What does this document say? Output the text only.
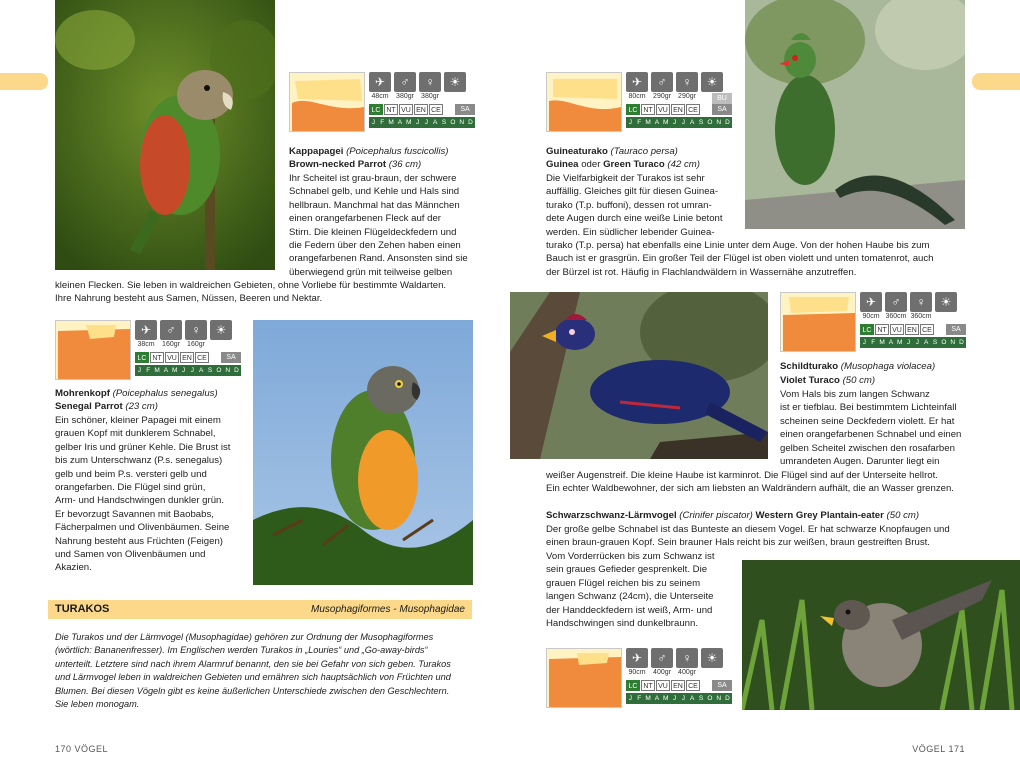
✈	♂	♀	☀
48cm	380gr 380gr
LC NT VU EN CE	SA
J F M A M J J A S O N D
Kappapagei (Poicephalus fuscicollis)
Brown-necked Parrot (36 cm)
Ihr Scheitel ist grau-braun, der schwere
Schnabel gelb, und Kehle und Hals sind
hellbraun. Manchmal hat das Männchen
einen orangefarbenen Fleck auf der
Stirn. Die kleinen Flügeldeckfedern und
die Federn über den Zehen haben einen
orangefarbenen Rand. Ansonsten sind sie
überwiegend grün mit teilweise gelben
kleinen Flecken. Sie leben in waldreichen Gebieten, ohne Vorliebe für bestimmte Waldarten.
Ihre Nahrung besteht aus Samen, Nüssen, Beeren und Nektar.
✈	♂	♀	☀
38cm	160gr 160gr
LC NT VU EN CE	SA
J F M A M J J A S O N D
Mohrenkopf (Poicephalus senegalus)
Senegal Parrot (23 cm)
Ein schöner, kleiner Papagei mit einem
grauen Kopf mit dunklerem Schnabel,
gelber Iris und grüner Kehle. Die Brust ist
bis zum Unterschwanz (P.s. senegalus)
gelb und beim P.s. versteri gelb und
orangefarben. Die Flügel sind grün,
Arm- und Handschwingen dunkler grün.
Er bevorzugt Savannen mit Baobabs,
Fächerpalmen und Olivenbäumen. Seine
Nahrung besteht aus Früchten (Feigen)
und Samen von Olivenbäumen und
Akazien.
TURAKOS	Musophagiformes - Musophagidae
Die Turakos und der Lärmvogel (Musophagidae) gehören zur Ordnung der Musophagiformes
(wörtlich: Bananenfresser). Im Englischen werden Turakos in „Louries“ und „Go-away-birds“
unterteilt. Letztere sind nach ihrem Alarmruf benannt, den sie bei Gefahr von sich geben. Turakos
und Lärmvogel leben in waldreichen Gebieten und ernähren sich hauptsächlich von Früchten und
Blumen. Bei diesen Vögeln gibt es keine äußerlichen Unterschiede zwischen den Geschlechtern.
Sie leben monogam.
170 VÖGEL
✈	♂	♀	☀
80cm	290gr 290gr	BU
LC NT VU EN CE	SA
J F M A M J J A S O N D
Guineaturako (Tauraco persa)
Guinea oder Green Turaco (42 cm)
Die Vielfarbigkeit der Turakos ist sehr
auffällig. Gleiches gilt für diesen Guinea-
turako (T.p. buffoni), dessen rot umran-
dete Augen durch eine weiße Linie betont
werden. Ein südlicher lebender Guinea-
turako (T.p. persa) hat ebenfalls eine Linie unter dem Auge. Von der hohen Haube bis zum
Bauch ist er grasgrün. Ein großer Teil der Flügel ist oben violett und unten tomatenrot, auch
der Bürzel ist rot. Häufig in Flachlandwäldern in Wassernähe anzutreffen.
✈	♂	♀	☀
90cm 360cm 360cm
LC NT VU EN CE	SA
J F M A M J J A S O N D
Schildturako (Musophaga violacea)
Violet Turaco (50 cm)
Vom Hals bis zum langen Schwanz
ist er tiefblau. Bei bestimmtem Lichteinfall
scheinen seine Deckfedern violett. Er hat
einen orangefarbenen Schnabel und einen
gelben Scheitel zwischen den rosafarben
umrandeten Augen. Darunter liegt ein
weißer Augenstreif. Die kleine Haube ist karminrot. Die Flügel sind auf der Unterseite hellrot.
Ein echter Waldbewohner, der sich am liebsten an Waldrändern aufhält, die an Wasser grenzen.
Schwarzschwanz-Lärmvogel (Crinifer piscator) Western Grey Plantain-eater (50 cm)
Der große gelbe Schnabel ist das Bunteste an diesem Vogel. Er hat schwarze Knopfaugen und
einen braun-grauen Kopf. Sein brauner Hals reicht bis zur weißen, braun gestreiften Brust.
Vom Vorderrücken bis zum Schwanz ist
sein graues Gefieder gesprenkelt. Die
grauen Flügel reichen bis zu seinem
langen Schwanz (24cm), die Unterseite
der Handdeckfedern ist weiß, Arm- und
Handschwingen sind dunkelbraunn.
✈	♂	♀	☀
90cm	400gr 400gr
LC NT VU EN CE	SA
J F M A M J J A S O N D
VÖGEL 171
